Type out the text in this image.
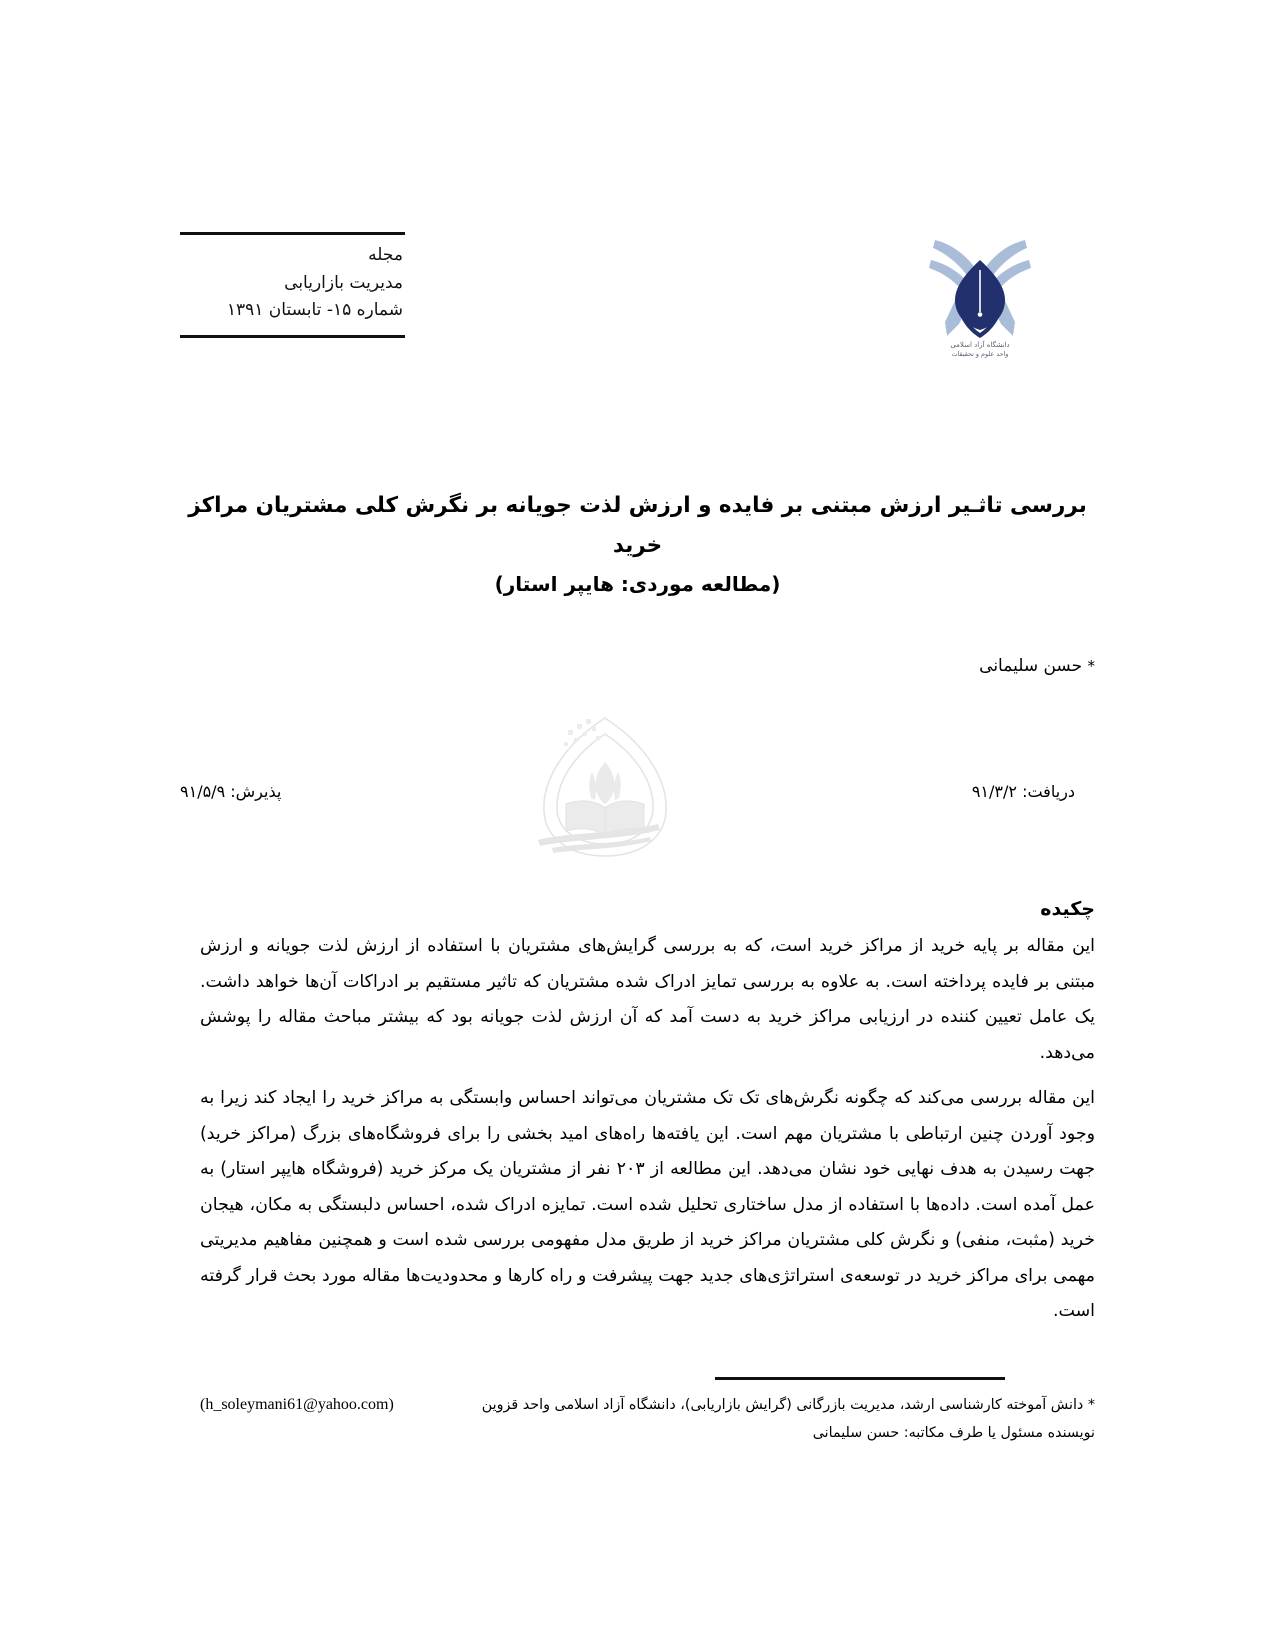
مجله
مدیریت بازاریابی
شماره ۱۵- تابستان ۱۳۹۱
دانشگاه آزاد اسلامی
واحد علوم و تحقیقات
بررسی تاثـیر ارزش مبتنی بر فایده و ارزش لذت جویانه بر نگرش کلی مشتریان مراکز خرید
(مطالعه موردی: هایپر استار)
* حسن سلیمانی
دریافت: ۹۱/۳/۲
پذیرش: ۹۱/۵/۹
چکیده

این مقاله بر پایه خرید از مراکز خرید است، که به بررسی گرایش‌های مشتریان با استفاده از ارزش لذت جویانه و ارزش مبتنی بر فایده پرداخته است. به علاوه به بررسی تمایز ادراک شده مشتریان که تاثیر مستقیم بر ادراکات آن‌ها خواهد داشت. یک عامل تعیین کننده در ارزیابی مراکز خرید به دست آمد که آن ارزش لذت جویانه بود که بیشتر مباحث مقاله را پوشش می‌دهد.

این مقاله بررسی می‌کند که چگونه نگرش‌های تک تک مشتریان می‌تواند احساس وابستگی به مراکز خرید را ایجاد کند زیرا به وجود آوردن چنین ارتباطی با مشتریان مهم است. این یافته‌ها راه‌های امید بخشی را برای فروشگاه‌های بزرگ (مراکز خرید) جهت رسیدن به هدف نهایی خود نشان می‌دهد. این مطالعه از ۲۰۳ نفر از مشتریان یک مرکز خرید (فروشگاه هایپر استار) به عمل آمده است. داده‌ها با استفاده از مدل ساختاری تحلیل شده است. تمایزه ادراک شده، احساس دلبستگی به مکان، هیجان خرید (مثبت، منفی) و نگرش کلی مشتریان مراکز خرید از طریق مدل مفهومی بررسی شده است و همچنین مفاهیم مدیریتی مهمی برای مراکز خرید در توسعه‌ی استراتژی‌های جدید جهت پیشرفت و راه کارها و محدودیت‌ها مقاله مورد بحث قرار گرفته است.

* دانش آموخته کارشناسی ارشد، مدیریت بازرگانی (گرایش بازاریابی)، دانشگاه آزاد اسلامی واحد قزوین
(h_soleymani61@yahoo.com)
نویسنده مسئول یا طرف مکاتبه: حسن سلیمانی
